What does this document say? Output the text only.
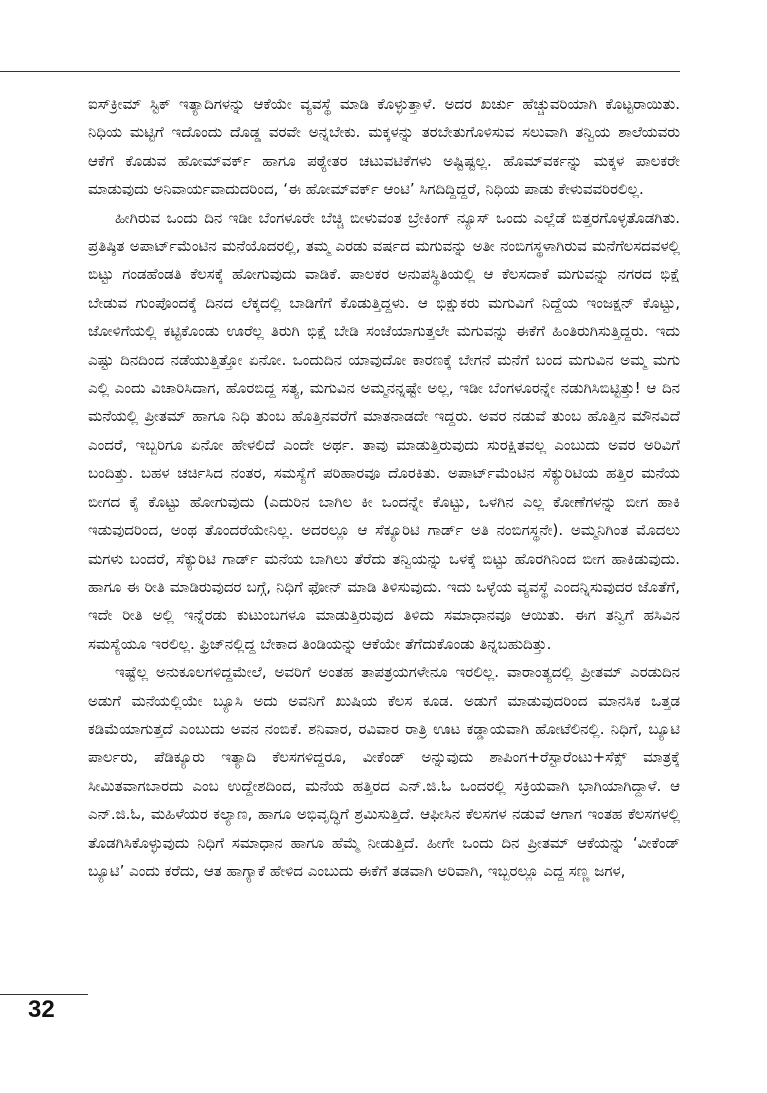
ಐಸ್‌ಕ್ರೀಮ್ ಸ್ಟಿಕ್ ಇತ್ಯಾದಿಗಳನ್ನು ಆಕೆಯೇ ವ್ಯವಸ್ಥೆ ಮಾಡಿ ಕೊಳ್ಳುತ್ತಾಳೆ. ಅದರ ಖರ್ಚು ಹೆಚ್ಚುವರಿಯಾಗಿ ಕೊಟ್ಟರಾಯಿತು. ನಿಧಿಯ ಮಟ್ಟಿಗೆ ಇದೊಂದು ದೊಡ್ಡ ವರವೇ ಅನ್ನಬೇಕು. ಮಕ್ಕಳನ್ನು ತರಬೇತುಗೊಳಿಸುವ ಸಲುವಾಗಿ ತನ್ವಿಯ ಶಾಲೆಯವರು ಆಕೆಗೆ ಕೊಡುವ ಹೋಮ್‌ವರ್ಕ್ ಹಾಗೂ ಪಠ್ಯೇತರ ಚಟುವಟಿಕೆಗಳು ಅಷ್ಟಿಷ್ಟಲ್ಲ. ಹೊಮ್‌ವರ್ಕನ್ನು ಮಕ್ಕಳ ಪಾಲಕರೇ ಮಾಡುವುದು ಅನಿವಾರ್ಯವಾದುದರಿಂದ, ‘ಈ ಹೋಮ್‌ವರ್ಕ್ ಆಂಟಿ’ ಸಿಗದಿದ್ದಿದ್ದರೆ, ನಿಧಿಯ ಪಾಡು ಕೇಳುವವರಿರಲಿಲ್ಲ.

ಹೀಗಿರುವ ಒಂದು ದಿನ ಇಡೀ ಬೆಂಗಳೂರೇ ಬೆಚ್ಚಿ ಬೀಳುವಂತ ಬ್ರೇಕಿಂಗ್ ನ್ಯೂಸ್ ಒಂದು ಎಲ್ಲೆಡೆ ಬಿತ್ತರಗೊಳ್ಳತೊಡಗಿತು. ಪ್ರತಿಷ್ಠಿತ ಅಪಾರ್ಟ್‌ಮೆಂಟಿನ ಮನೆಯೊದರಲ್ಲಿ, ತಮ್ಮ ಎರಡು ವರ್ಷದ ಮಗುವನ್ನು ಅತೀ ನಂಬಿಗಸ್ಥಳಾಗಿರುವ ಮನೆಗೆಲಸದವಳಲ್ಲಿ ಬಿಟ್ಟು ಗಂಡಹೆಂಡತಿ ಕೆಲಸಕ್ಕೆ ಹೋಗುವುದು ವಾಡಿಕೆ. ಪಾಲಕರ ಅನುಪಸ್ಥಿತಿಯಲ್ಲಿ ಆ ಕೆಲಸದಾಕೆ ಮಗುವನ್ನು ನಗರದ ಭಿಕ್ಷೆ ಬೇಡುವ ಗುಂಪೊಂದಕ್ಕೆ ದಿನದ ಲೆಕ್ಕದಲ್ಲಿ ಬಾಡಿಗೆಗೆ ಕೊಡುತ್ತಿದ್ದಳು. ಆ ಭಿಕ್ಷುಕರು ಮಗುವಿಗೆ ನಿದ್ದೆಯ ಇಂಜಕ್ಷನ್ ಕೊಟ್ಟು, ಜೋಳಿಗೆಯಲ್ಲಿ ಕಟ್ಟಿಕೊಂಡು ಊರೆಲ್ಲ ತಿರುಗಿ ಭಿಕ್ಷೆ ಬೇಡಿ ಸಂಜೆಯಾಗುತ್ತಲೇ ಮಗುವನ್ನು ಈಕೆಗೆ ಹಿಂತಿರುಗಿಸುತ್ತಿದ್ದರು. ಇದು ಎಷ್ಟು ದಿನದಿಂದ ನಡೆಯುತ್ತಿತ್ತೋ ಏನೋ. ಒಂದುದಿನ ಯಾವುದೋ ಕಾರಣಕ್ಕೆ ಬೇಗನೆ ಮನೆಗೆ ಬಂದ ಮಗುವಿನ ಅಮ್ಮ ಮಗು ಎಲ್ಲಿ ಎಂದು ವಿಚಾರಿಸಿದಾಗ, ಹೊರಬಿದ್ದ ಸತ್ಯ, ಮಗುವಿನ ಅಮ್ಮನನ್ನಷ್ಟೇ ಅಲ್ಲ, ಇಡೀ ಬೆಂಗಳೂರನ್ನೇ ನಡುಗಿಸಿಬಿಟ್ಟಿತ್ತು! ಆ ದಿನ ಮನೆಯಲ್ಲಿ ಪ್ರೀತಮ್ ಹಾಗೂ ನಿಧಿ ತುಂಬ ಹೊತ್ತಿನವರೆಗೆ ಮಾತನಾಡದೇ ಇದ್ದರು. ಅವರ ನಡುವೆ ತುಂಬ ಹೊತ್ತಿನ ಮೌನವಿದೆ ಎಂದರೆ, ಇಬ್ಬರಿಗೂ ಏನೋ ಹೇಳಲಿದೆ ಎಂದೇ ಅರ್ಥ. ತಾವು ಮಾಡುತ್ತಿರುವುದು ಸುರಕ್ಷಿತವಲ್ಲ ಎಂಬುದು ಅವರ ಅರಿವಿಗೆ ಬಂದಿತ್ತು. ಬಹಳ ಚರ್ಚಿಸಿದ ನಂತರ, ಸಮಸ್ಯೆಗೆ ಪರಿಹಾರವೂ ದೊರಕಿತು. ಅಪಾರ್ಟ್‌ಮೆಂಟಿನ ಸೆಕ್ಯುರಿಟಿಯ ಹತ್ತಿರ ಮನೆಯ ಬೀಗದ ಕೈ ಕೊಟ್ಟು ಹೋಗುವುದು (ಎದುರಿನ ಬಾಗಿಲ ಕೀ ಒಂದನ್ನೇ ಕೊಟ್ಟು, ಒಳಗಿನ ಎಲ್ಲ ಕೋಣೆಗಳನ್ನು ಬೀಗ ಹಾಕಿ ಇಡುವುದರಿಂದ, ಅಂಥ ತೊಂದರೆಯೇನಿಲ್ಲ. ಅದರಲ್ಲೂ ಆ ಸೆಕ್ಯೂರಿಟಿ ಗಾರ್ಡ್ ಅತಿ ನಂಬಿಗಸ್ಥನೇ). ಅಮ್ಮನಿಗಿಂತ ಮೊದಲು ಮಗಳು ಬಂದರೆ, ಸೆಕ್ಯುರಿಟಿ ಗಾರ್ಡ್ ಮನೆಯ ಬಾಗಿಲು ತೆರೆದು ತನ್ವಿಯನ್ನು ಒಳಕ್ಕೆ ಬಿಟ್ಟು ಹೊರಗಿನಿಂದ ಬೀಗ ಹಾಕಿಡುವುದು. ಹಾಗೂ ಈ ರೀತಿ ಮಾಡಿರುವುದರ ಬಗ್ಗೆ, ನಿಧಿಗೆ ಫೋನ್ ಮಾಡಿ ತಿಳಿಸುವುದು. ಇದು ಒಳ್ಳೆಯ ವ್ಯವಸ್ಥೆ ಎಂದನ್ನಿಸುವುದರ ಜೊತೆಗೆ, ಇದೇ ರೀತಿ ಅಲ್ಲಿ ಇನ್ನೆರಡು ಕುಟುಂಬಗಳೂ ಮಾಡುತ್ತಿರುವುದ ತಿಳಿದು ಸಮಾಧಾನವೂ ಆಯಿತು. ಈಗ ತನ್ವಿಗೆ ಹಸಿವಿನ ಸಮಸ್ಯೆಯೂ ಇರಲಿಲ್ಲ. ಫ್ರಿಜ್‌ನಲ್ಲಿದ್ದ ಬೇಕಾದ ತಿಂಡಿಯನ್ನು ಆಕೆಯೇ ತೆಗೆದುಕೊಂಡು ತಿನ್ನಬಹುದಿತ್ತು.

ಇಷ್ಟೆಲ್ಲ ಅನುಕೂಲಗಳಿದ್ದಮೇಲೆ, ಅವರಿಗೆ ಅಂತಹ ತಾಪತ್ರಯಗಳೇನೂ ಇರಲಿಲ್ಲ. ವಾರಾಂತ್ಯದಲ್ಲಿ ಪ್ರೀತಮ್ ಎರಡುದಿನ ಅಡುಗೆ ಮನೆಯಲ್ಲಿಯೇ ಬ್ಯೂಸಿ ಅದು ಅವನಿಗೆ ಖುಷಿಯ ಕೆಲಸ ಕೂಡ. ಅಡುಗೆ ಮಾಡುವುದರಿಂದ ಮಾನಸಿಕ ಒತ್ತಡ ಕಡಿಮೆಯಾಗುತ್ತದೆ ಎಂಬುದು ಅವನ ನಂಬಿಕೆ. ಶನಿವಾರ, ರವಿವಾರ ರಾತ್ರಿ ಊಟ ಕಡ್ಡಾಯವಾಗಿ ಹೋಟೆಲಿನಲ್ಲಿ. ನಿಧಿಗೆ, ಬ್ಯೂಟಿ ಪಾರ್ಲರು, ಪೆಡಿಕ್ಯೂರು ಇತ್ಯಾದಿ ಕೆಲಸಗಳಿದ್ದರೂ, ವೀಕೆಂಡ್ ಅನ್ನುವುದು ಶಾಪಿಂಗ+ರೆಸ್ಟಾರೆಂಟು+ಸೆಕ್ಸ್ ಮಾತ್ರಕ್ಕೆ ಸೀಮಿತವಾಗಬಾರದು ಎಂಬ ಉದ್ದೇಶದಿಂದ, ಮನೆಯ ಹತ್ತಿರದ ಎನ್.ಜಿ.ಓ ಒಂದರಲ್ಲಿ ಸಕ್ರಿಯವಾಗಿ ಭಾಗಿಯಾಗಿದ್ದಾಳೆ. ಆ ಎನ್.ಜಿ.ಓ, ಮಹಿಳೆಯರ ಕಲ್ಯಾಣ, ಹಾಗೂ ಅಭಿವೃದ್ಧಿಗೆ ಶ್ರಮಿಸುತ್ತಿದೆ. ಆಫೀಸಿನ ಕೆಲಸಗಳ ನಡುವೆ ಆಗಾಗ ಇಂತಹ ಕೆಲಸಗಳಲ್ಲಿ ತೊಡಗಿಸಿಕೊಳ್ಳುವುದು ನಿಧಿಗೆ ಸಮಾಧಾನ ಹಾಗೂ ಹೆಮ್ಮೆ ನೀಡುತ್ತಿದೆ. ಹೀಗೇ ಒಂದು ದಿನ ಪ್ರೀತಮ್ ಆಕೆಯನ್ನು ‘ವೀಕೆಂಡ್ ಬ್ಯೂಟಿ’ ಎಂದು ಕರೆದು, ಆತ ಹಾಗ್ಯಾಕೆ ಹೇಳಿದ ಎಂಬುದು ಈಕೆಗೆ ತಡವಾಗಿ ಅರಿವಾಗಿ, ಇಬ್ಬರಲ್ಲೂ ಎದ್ದ ಸಣ್ಣ ಜಗಳ,

32
